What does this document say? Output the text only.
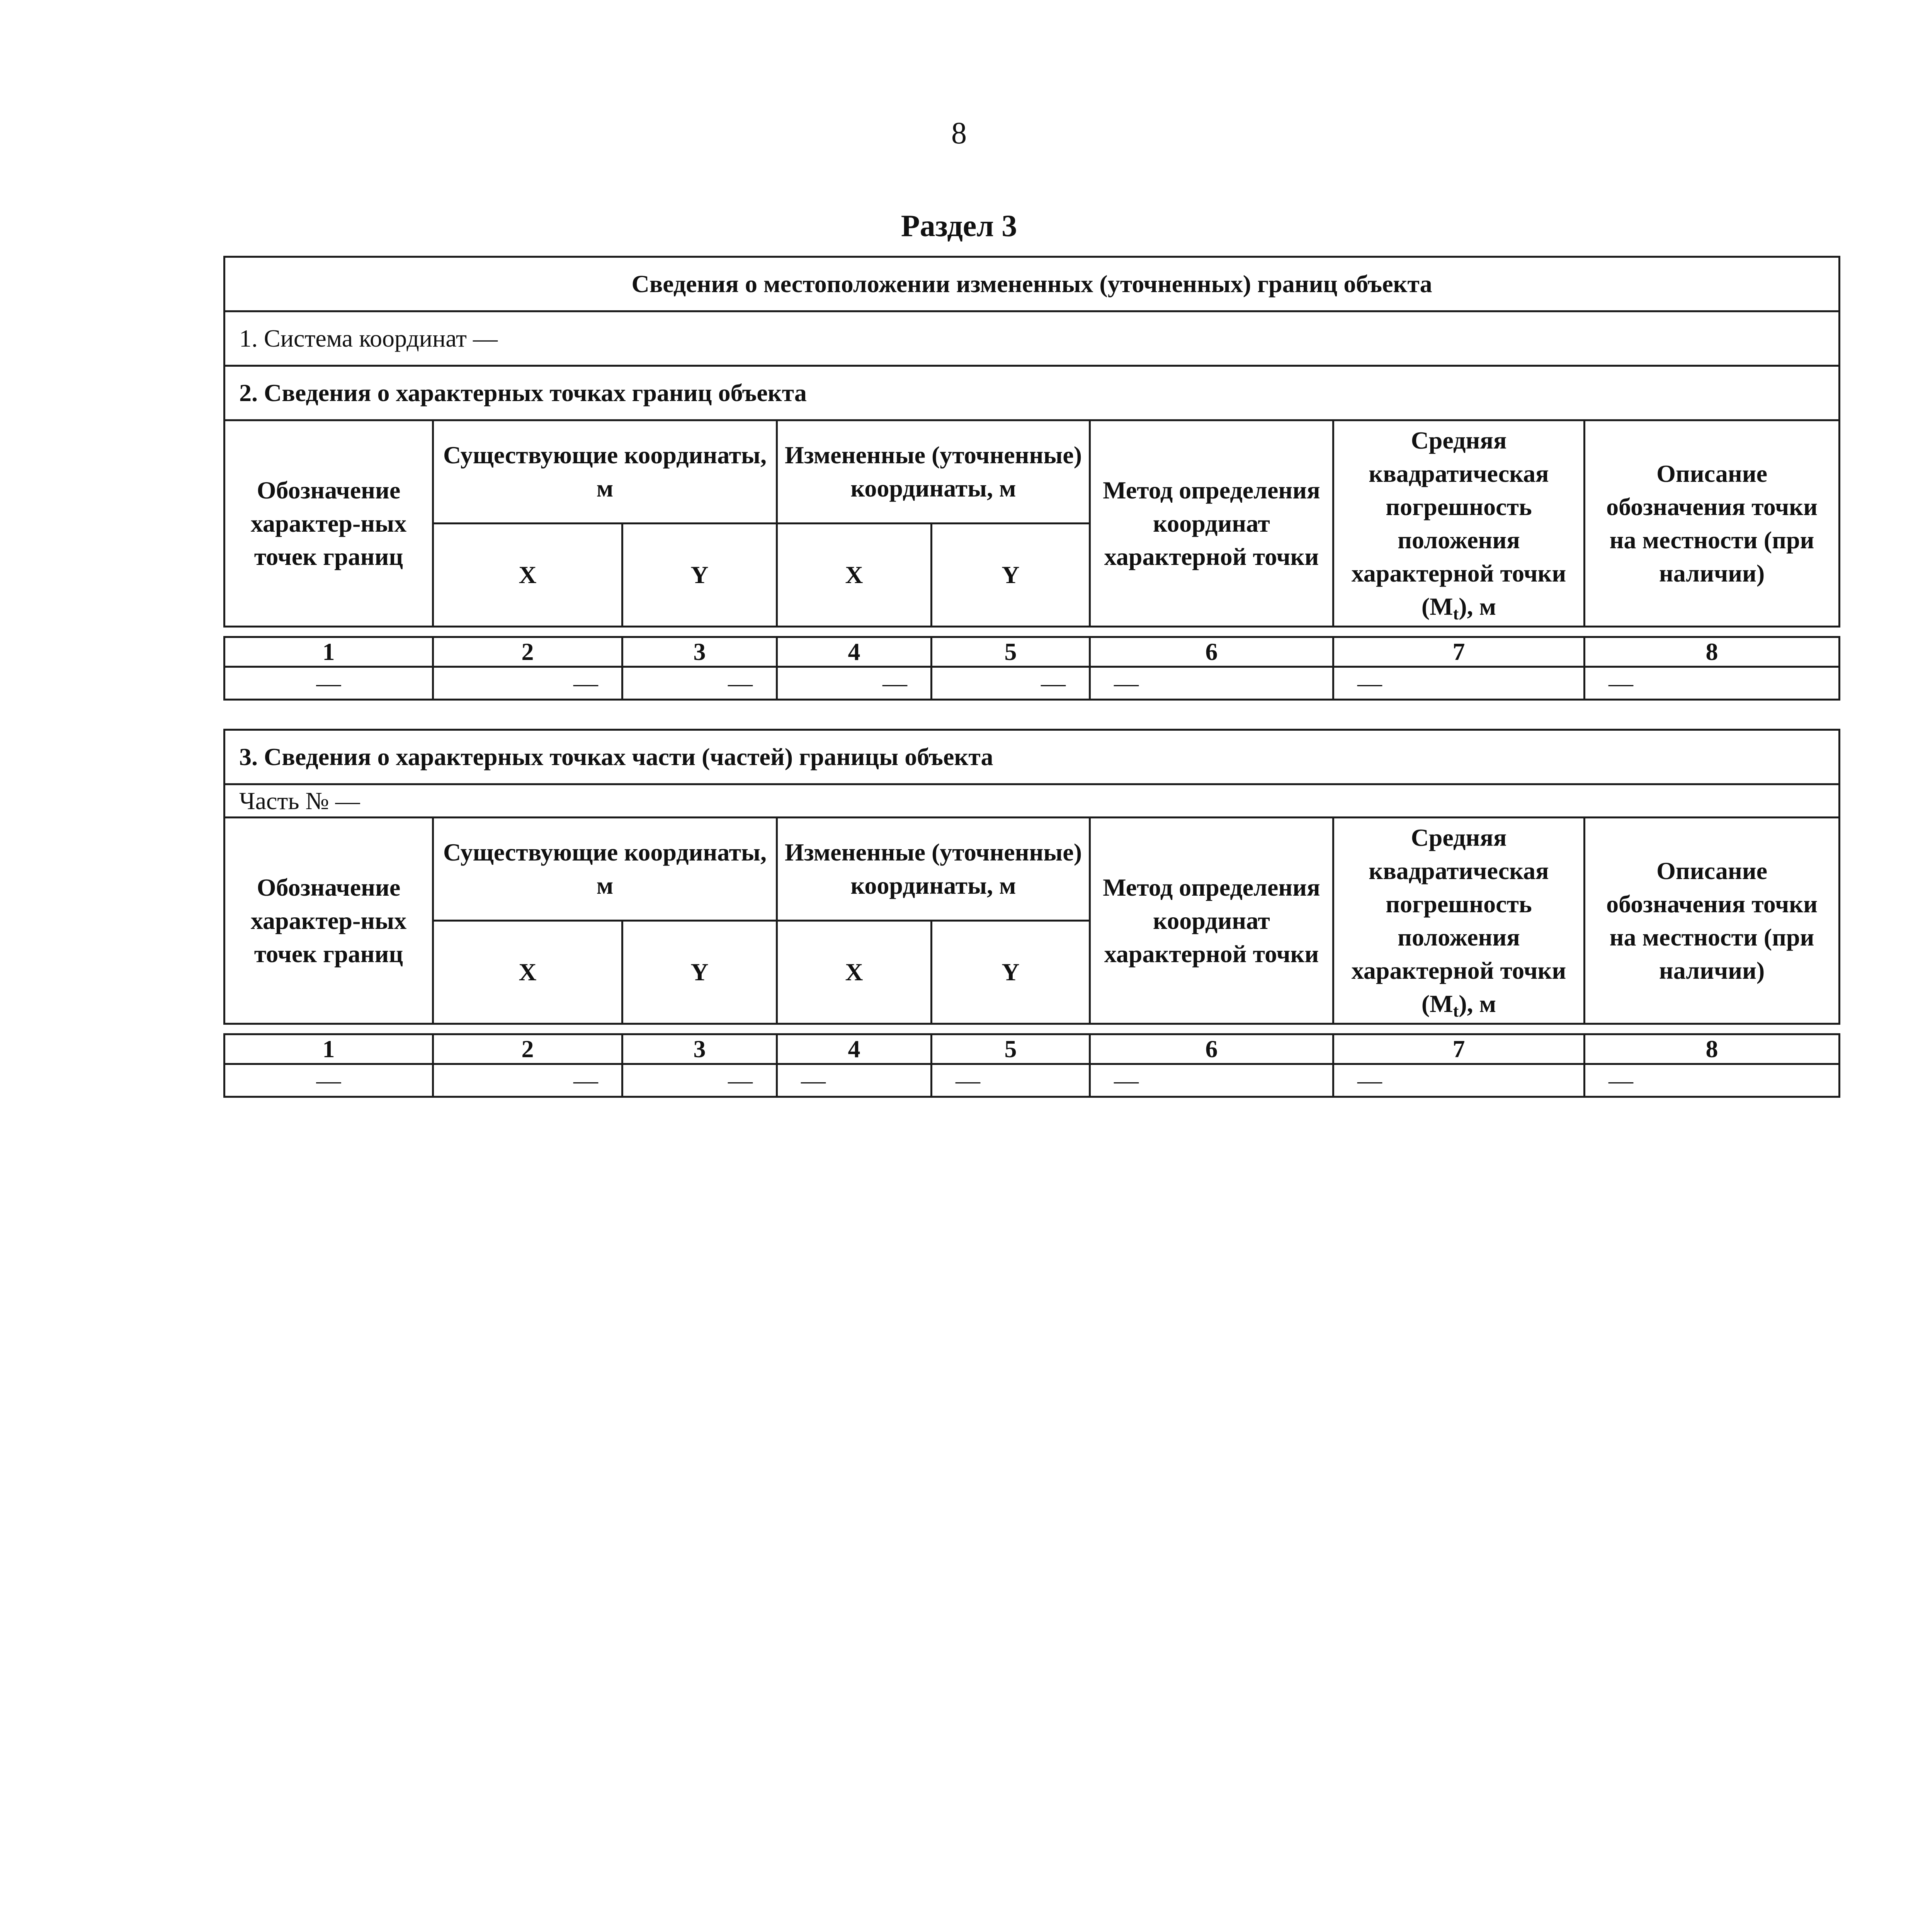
8
Раздел 3
Сведения о местоположении измененных (уточненных) границ объекта							
1. Система координат —							
2. Сведения о характерных точках границ объекта							
Обозначение характер-ных точек границ	Существующие координаты, м		Измененные (уточненные) координаты, м		Метод определения координат характерной точки	Средняя квадратическая погрешность положения характерной точки $(M_t)$, м	Описание обозначения точки на местности (при наличии)
	X	Y	X	Y			

1	2	3	4	5	6	7	8
—	—	—	—	—	—	—	—
3. Сведения о характерных точках части (частей) границы объекта							
Часть № —							
Обозначение характер-ных точек границ	Существующие координаты, м		Измененные (уточненные) координаты, м		Метод определения координат характерной точки	Средняя квадратическая погрешность положения характерной точки $(M_t)$, м	Описание обозначения точки на местности (при наличии)
	X	Y	X	Y			

1	2	3	4	5	6	7	8
—	—	—	—	—	—	—	—
